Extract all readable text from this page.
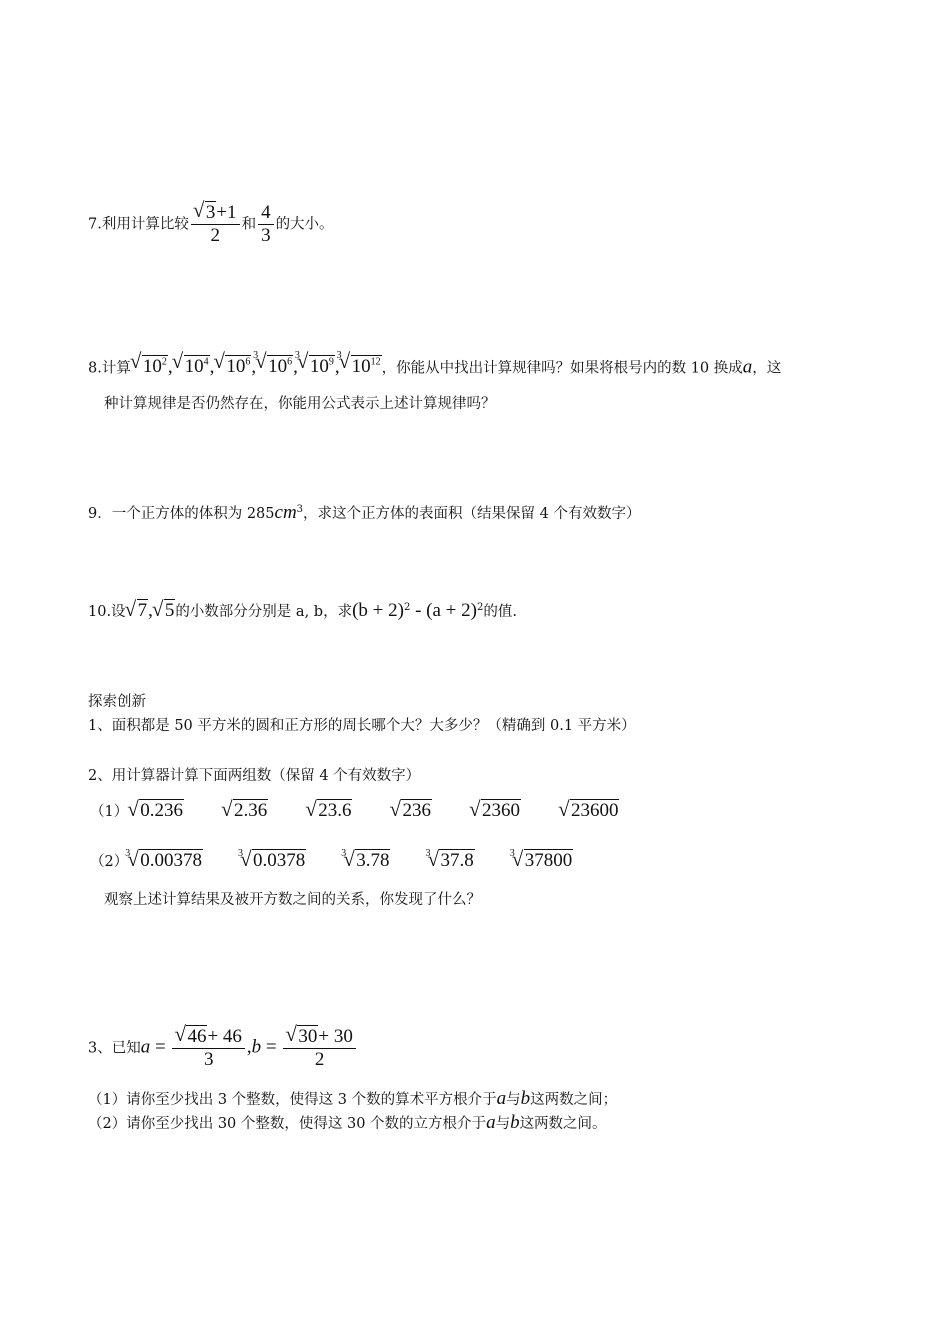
7.利用计算比较
√ $\frac{3+1}{2}$ 和 $\frac{4}{3}$ 的大小。
8.计算√ $10^2,√$ $10^4,√$ $10^6$,
√ 3
$10^6$,
√ 3
$10^9$,
√ 3
$10^{12}$，你能从中找出计算规律吗？如果将根号内的数 10 换成a，这
种计算规律是否仍然存在，你能用公式表示上述计算规律吗？
9．一个正方体的体积为 $285cm^3$，求这个正方体的表面积（结果保留 4 个有效数字）
10.设√ 7,√ 5的小数部分分别是 a, b，求$(b + 2)^2 - (a + 2)^2$的值.
探索创新
1、面积都是 50 平方米的圆和正方形的周长哪个大？大多少？（精确到 0.1 平方米）
2、用计算器计算下面两组数（保留 4 个有效数字）
（1）√ 0.236√	2.36√	23.6√	236√	2360√	23600
（2）
√ 3 0.00378
√	3 0.0378
√	3 3.78
√	3 37.8
√	3 37800
观察上述计算结果及被开方数之间的关系，你发现了什么？
3、已知a =
√ $\frac{46+ 46}{3} ,b$ =
√ $\frac{30+ 30}{2}$
（1）请你至少找出 3 个整数，使得这 3 个数的算术平方根介于a与b这两数之间；
（2）请你至少找出 30 个整数，使得这 30 个数的立方根介于a与b这两数之间。
